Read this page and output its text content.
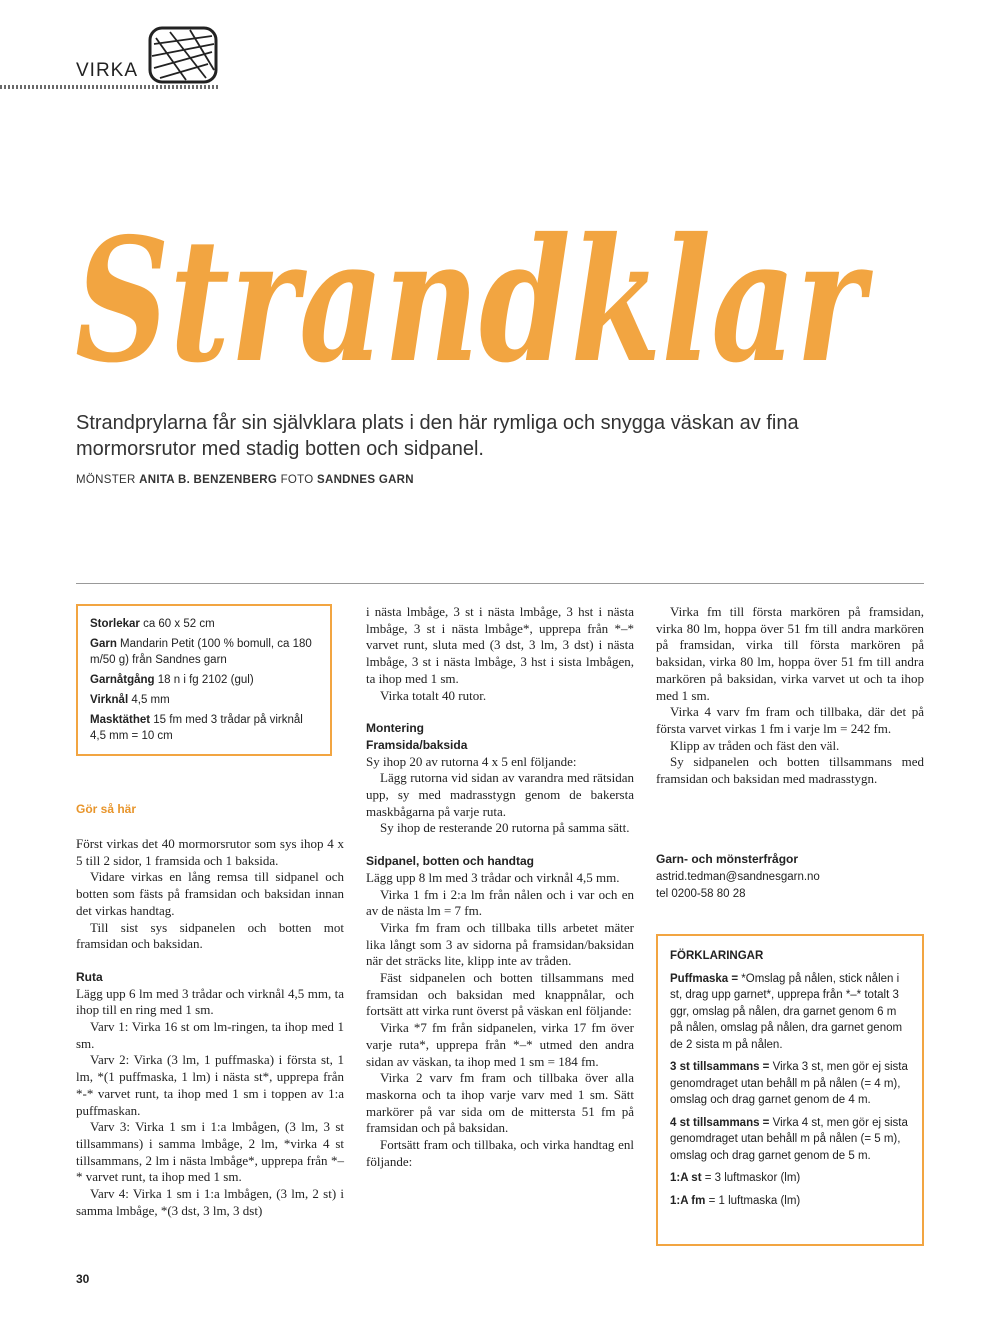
VIRKA
Strandklar
Strandprylarna får sin självklara plats i den här rymliga och snygga väskan av fina mormorsrutor med stadig botten och sidpanel.
MÖNSTER ANITA B. BENZENBERG FOTO SANDNES GARN
Storlekar ca 60 x 52 cm
Garn Mandarin Petit (100 % bomull, ca 180 m/50 g) från Sandnes garn
Garnåtgång 18 n i fg 2102 (gul)
Virknål 4,5 mm
Masktäthet 15 fm med 3 trådar på virknål 4,5 mm = 10 cm
Gör så här

Först virkas det 40 mormorsrutor som sys ihop 4 x 5 till 2 sidor, 1 framsida och 1 baksida.

Vidare virkas en lång remsa till sidpanel och botten som fästs på framsidan och baksidan innan det virkas handtag.

Till sist sys sidpanelen och botten mot framsidan och baksidan.

Ruta

Lägg upp 6 lm med 3 trådar och virknål 4,5 mm, ta ihop till en ring med 1 sm.

Varv 1: Virka 16 st om lm-ringen, ta ihop med 1 sm.

Varv 2: Virka (3 lm, 1 puffmaska) i första st, 1 lm, *(1 puffmaska, 1 lm) i nästa st*, upprepa från *-* varvet runt, ta ihop med 1 sm i toppen av 1:a puffmaskan.

Varv 3: Virka 1 sm i 1:a lmbågen, (3 lm, 3 st tillsammans) i samma lmbåge, 2 lm, *virka 4 st tillsammans, 2 lm i nästa lmbåge*, upprepa från *–* varvet runt, ta ihop med 1 sm.

Varv 4: Virka 1 sm i 1:a lmbågen, (3 lm, 2 st) i samma lmbåge, *(3 dst, 3 lm, 3 dst)

i nästa lmbåge, 3 st i nästa lmbåge, 3 hst i nästa lmbåge, 3 st i nästa lmbåge*, upprepa från *–* varvet runt, sluta med (3 dst, 3 lm, 3 dst) i nästa lmbåge, 3 st i nästa lmbåge, 3 hst i sista lmbågen, ta ihop med 1 sm.

Virka totalt 40 rutor.

Montering
Framsida/baksida

Sy ihop 20 av rutorna 4 x 5 enl följande:

Lägg rutorna vid sidan av varandra med rätsidan upp, sy med madrasstygn genom de bakersta maskbågarna på varje ruta.

Sy ihop de resterande 20 rutorna på samma sätt.

Sidpanel, botten och handtag

Lägg upp 8 lm med 3 trådar och virknål 4,5 mm.

Virka 1 fm i 2:a lm från nålen och i var och en av de nästa lm = 7 fm.

Virka fm fram och tillbaka tills arbetet mäter lika långt som 3 av sidorna på framsidan/baksidan när det sträcks lite, klipp inte av tråden.

Fäst sidpanelen och botten tillsammans med framsidan och baksidan med knappnålar, och fortsätt att virka runt överst på väskan enl följande:

Virka *7 fm från sidpanelen, virka 17 fm över varje ruta*, upprepa från *–* utmed den andra sidan av väskan, ta ihop med 1 sm = 184 fm.

Virka 2 varv fm fram och tillbaka över alla maskorna och ta ihop varje varv med 1 sm. Sätt markörer på var sida om de mittersta 51 fm på framsidan och på baksidan.

Fortsätt fram och tillbaka, och virka handtag enl följande:

Virka fm till första markören på framsidan, virka 80 lm, hoppa över 51 fm till andra markören på framsidan, virka till första markören på baksidan, virka 80 lm, hoppa över 51 fm till andra markören på baksidan, virka varvet ut och ta ihop med 1 sm.

Virka 4 varv fm fram och tillbaka, där det på första varvet virkas 1 fm i varje lm = 242 fm.

Klipp av tråden och fäst den väl.

Sy sidpanelen och botten tillsammans med framsidan och baksidan med madrasstygn.

Garn- och mönsterfrågor
astrid.tedman@sandnesgarn.no
tel 0200-58 80 28
FÖRKLARINGAR
Puffmaska = *Omslag på nålen, stick nålen i st, drag upp garnet*, upprepa från *–* totalt 3 ggr, omslag på nålen, dra garnet genom 6 m på nålen, omslag på nålen, dra garnet genom de 2 sista m på nålen.
3 st tillsammans = Virka 3 st, men gör ej sista genomdraget utan behåll m på nålen (= 4 m), omslag och drag garnet genom de 4 m.
4 st tillsammans = Virka 4 st, men gör ej sista genomdraget utan behåll m på nålen (= 5 m), omslag och drag garnet genom de 5 m.
1:A st = 3 luftmaskor (lm)
1:A fm = 1 luftmaska (lm)
30
